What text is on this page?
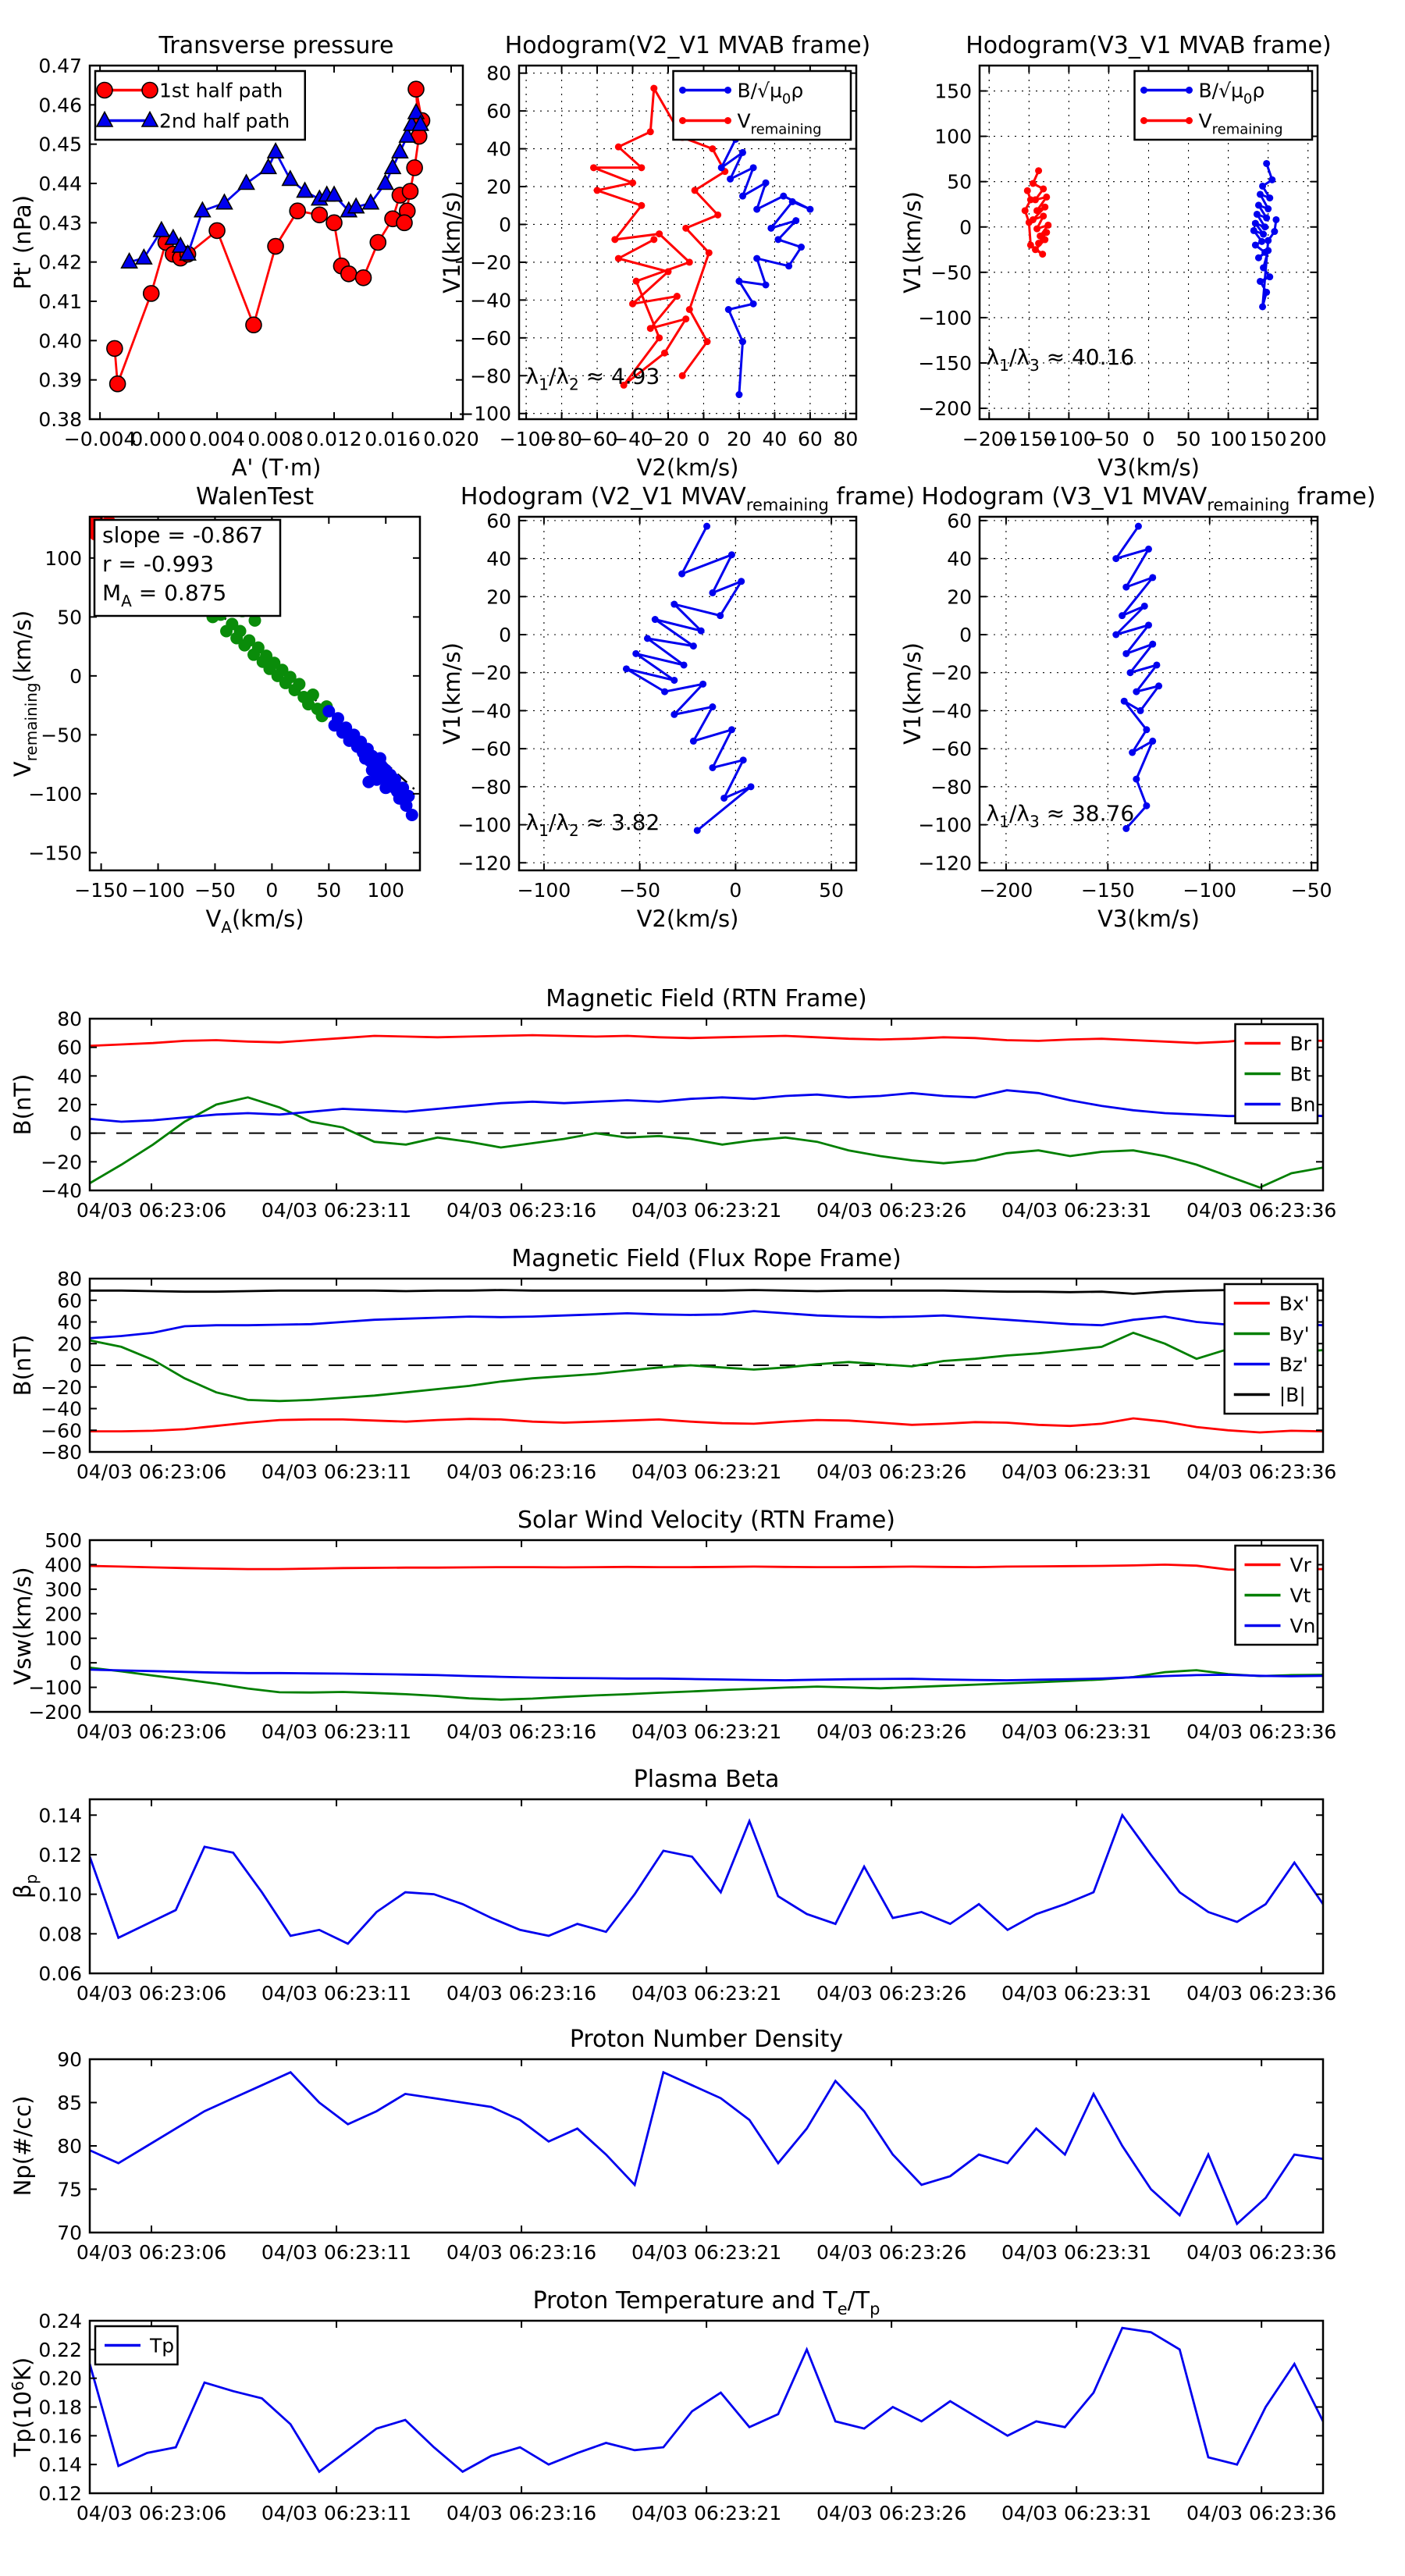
−0.004
0.000 0.004 0.008 0.012 0.016 0.020
0.38
0.39
0.40
0.41
0.42
0.43
0.44
0.45
0.46
0.47
Transverse pressure
A' (T·m)
Pt' (nPa)
1st half path
2nd half path
−100
−80
−60
−40
−20 0 20 40 60 80
−100
−80
−60
−40
−20
0
20
40
60
80
Hodogram(V2_V1 MVAB frame)
V2(km/s)
V1(km/s)
$\lambda_1/\lambda_2 \approx 4.93$
$B/√\mu_0\rho$
$V_{remaining}$
−200
−150
−100
−50 0 50 100 150 200
−200
−150
−100
−50
0
50
100
150
Hodogram(V3_V1 MVAB frame)
V3(km/s)
V1(km/s)
$\lambda_1/\lambda_3 \approx 40.16$
$B/√\mu_0\rho$
$V_{remaining}$
−150 −100 −50 0 50 100
−150
−100
−50
0
50
100
WalenTest
$V_A(km/s)$
$V_{remaining}(km/s)$
slope = -0.867
r = -0.993
$M_A = 0.875$
−100 −50	0	50
−120
−100
−80
−60
−40
−20
0
20
40
60
Hodogram (V2_V1 $MVAV_{remaining}$ frame)
V2(km/s)
V1(km/s)
$\lambda_1/\lambda_2 \approx 3.82$
−200 −150 −100	−50
−120
−100
−80
−60
−40
−20
0
20
40
60
Hodogram (V3_V1 $MVAV_{remaining}$ frame)
V3(km/s)
V1(km/s)
$\lambda_1/\lambda_3 \approx 38.76$
04/03 06:23:06 04/03 06:23:11 04/03 06:23:16 04/03 06:23:21 04/03 06:23:26 04/03 06:23:31 04/03 06:23:36
−40
−20
0
20
40
60
80
Magnetic Field (RTN Frame)
B(nT)
Br
Bt
Bn
04/03 06:23:06 04/03 06:23:11 04/03 06:23:16 04/03 06:23:21 04/03 06:23:26 04/03 06:23:31 04/03 06:23:36
−80
−60
−40
−20
0
20
40
60
80
Magnetic Field (Flux Rope Frame)
B(nT)
Bx'
By'
Bz'
|B|
04/03 06:23:06 04/03 06:23:11 04/03 06:23:16 04/03 06:23:21 04/03 06:23:26 04/03 06:23:31 04/03 06:23:36
−200
−100
0
100
200
300
400
500
Solar Wind Velocity (RTN Frame)
Vsw(km/s)
Vr
Vt
Vn
04/03 06:23:06 04/03 06:23:11 04/03 06:23:16 04/03 06:23:21 04/03 06:23:26 04/03 06:23:31 04/03 06:23:36
0.06
0.08
0.10
0.12
0.14
Plasma Beta
$\beta_p$
04/03 06:23:06 04/03 06:23:11 04/03 06:23:16 04/03 06:23:21 04/03 06:23:26 04/03 06:23:31 04/03 06:23:36
70
75
80
85
90
Proton Number Density
Np(#/cc)
04/03 06:23:06 04/03 06:23:11 04/03 06:23:16 04/03 06:23:21 04/03 06:23:26 04/03 06:23:31 04/03 06:23:36
0.12
0.14
0.16
0.18
0.20
0.22
0.24
Proton Temperature and $T_e/T_p$
$Tp(10^6K)$
Tp
